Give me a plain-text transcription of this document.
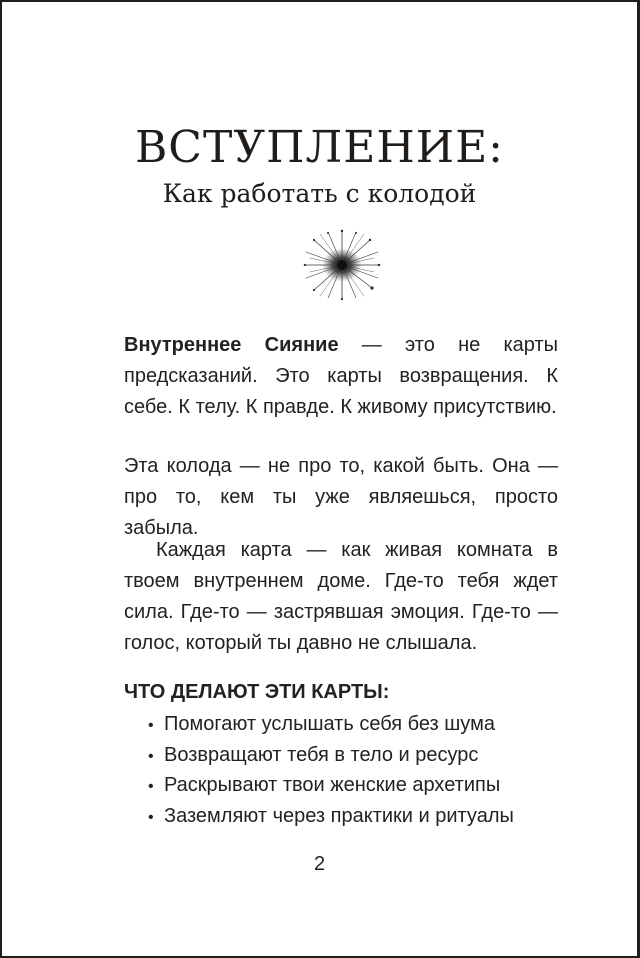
ВСТУПЛЕНИЕ:
Как работать с колодой
Внутреннее Сияние — это не карты предсказаний. Это карты возвращения. К себе. К телу. К правде. К живому присутствию.
Эта колода — не про то, какой быть. Она — про то, кем ты уже являешься, просто забыла.
Каждая карта — как живая комната в твоем внутреннем доме. Где-то тебя ждет сила. Где-то — застрявшая эмоция. Где-то — голос, который ты давно не слышала.
ЧТО ДЕЛАЮТ ЭТИ КАРТЫ:
• Помогают услышать себя без шума
• Возвращают тебя в тело и ресурс
• Раскрывают твои женские архетипы
• Заземляют через практики и ритуалы
2
